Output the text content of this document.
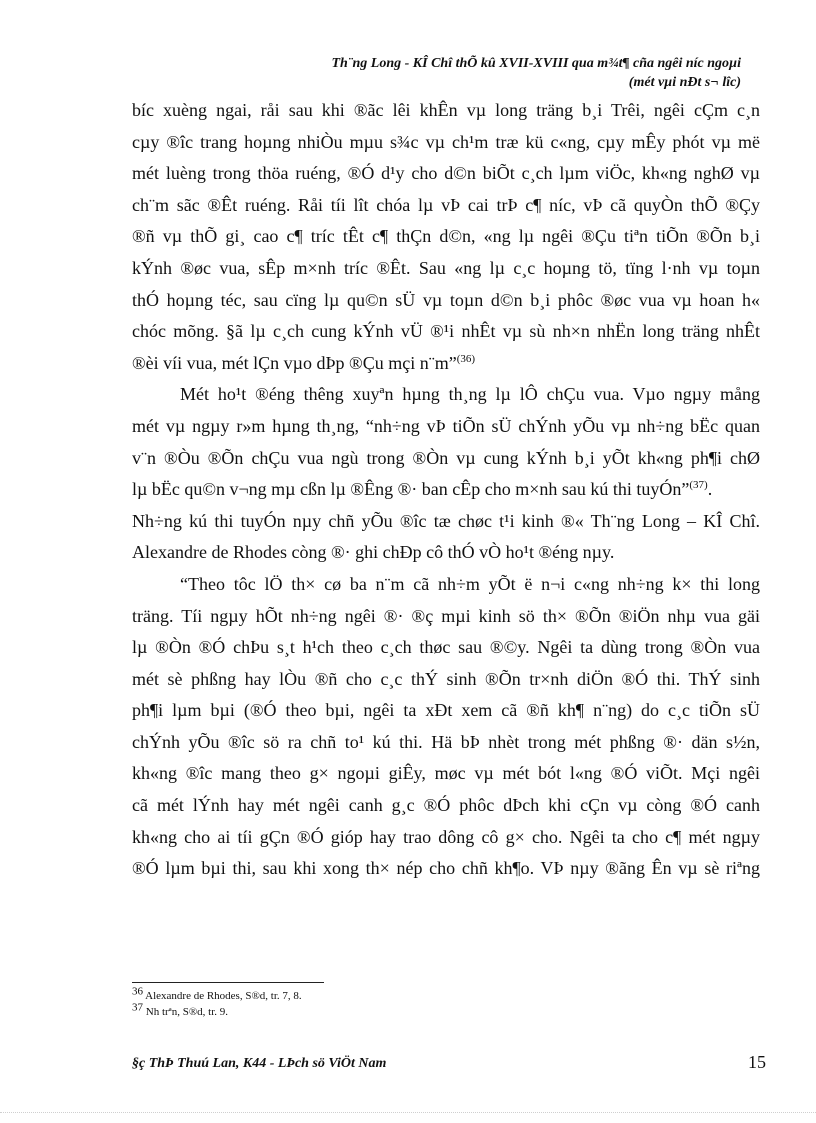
Th¨ng Long - KÎ Chî thÕ kû XVII-XVIII qua m¾t¶ cña ngêi níc ngoµi
(mét vµi nÐt s¬ lîc)
bíc xuèng ngai, råi sau khi ®ãc lêi khÊn vµ long träng b¸i Trêi, ngêi cÇm c¸n
cµy ®îc trang hoµng nhiÒu mµu s¾c vµ ch¹m træ kü c«ng, cµy mÊy phót vµ më
mét luèng trong thöa ruéng, ®Ó d¹y cho d©n biÕt c¸ch lµm viÖc, kh«ng nghØ vµ
ch¨m sãc ®Êt ruéng. Råi tíi lît chóa lµ vÞ cai trÞ c¶ níc, vÞ cã quyÒn thÕ ®Çy
®ñ vµ thÕ gi¸ cao c¶ tríc tÊt c¶ thÇn d©n, «ng lµ ngêi ®Çu tiªn tiÕn ®Õn b¸i
kÝnh ®øc vua, sÊp m×nh tríc ®Êt. Sau «ng lµ c¸c hoµng tö, tïng l·nh vµ toµn
thÓ hoµng téc, sau cïng lµ qu©n sÜ vµ toµn d©n b¸i phôc ®øc vua vµ hoan h«
chóc mõng. §ã lµ c¸ch cung kÝnh vÜ ®¹i nhÊt vµ sù nh×n nhËn long träng nhÊt
®èi víi vua, mét lÇn vµo dÞp ®Çu mçi n¨m”$^{(36)}$
Mét ho¹t ®éng thêng xuyªn hµng th¸ng lµ lÔ chÇu vua. Vµo ngµy mång
mét vµ ngµy r»m hµng th¸ng, “nh÷ng vÞ tiÕn sÜ chÝnh yÕu vµ nh÷ng bËc quan
v¨n ®Òu ®Õn chÇu vua ngù trong ®Òn vµ cung kÝnh b¸i yÕt kh«ng ph¶i chØ
lµ bËc qu©n v¬ng mµ cßn lµ ®Êng ®· ban cÊp cho m×nh sau kú thi tuyÓn”$^{(37)}$.
Nh÷ng kú thi tuyÓn nµy chñ yÕu ®îc tæ chøc t¹i kinh ®« Th¨ng Long – KÎ Chî.
Alexandre de Rhodes còng ®· ghi chÐp cô thÓ vÒ ho¹t ®éng nµy.
“Theo tôc lÖ th× cø ba n¨m cã nh÷m yÕt ë n¬i c«ng nh÷ng k× thi long
träng. Tíi ngµy hÕt nh÷ng ngêi ®· ®ç mµi kinh sö th× ®Õn ®iÖn nhµ vua gäi
lµ ®Òn ®Ó chÞu s¸t h¹ch theo c¸ch thøc sau ®©y. Ngêi ta dùng trong ®Òn vua
mét sè phßng hay lÒu ®ñ cho c¸c thÝ sinh ®Õn tr×nh diÖn ®Ó thi. ThÝ sinh
ph¶i lµm bµi (®Ó theo bµi, ngêi ta xÐt xem cã ®ñ kh¶ n¨ng) do c¸c tiÕn sÜ
chÝnh yÕu ®îc sö ra chñ to¹ kú thi. Hä bÞ nhèt trong mét phßng ®· dän s½n,
kh«ng ®îc mang theo g× ngoµi giÊy, møc vµ mét bót l«ng ®Ó viÕt. Mçi ngêi
cã mét lÝnh hay mét ngêi canh g¸c ®Ó phôc dÞch khi cÇn vµ còng ®Ó canh
kh«ng cho ai tíi gÇn ®Ó gióp hay trao dông cô g× cho. Ngêi ta cho c¶ mét ngµy
®Ó lµm bµi thi, sau khi xong th× nép cho chñ kh¶o. VÞ nµy ®ãng Ên vµ sè riªng
$^{36}$ Alexandre de Rhodes, S®d, tr. 7, 8.
$^{37}$ Nh trªn, S®d, tr. 9.
§ç ThÞ Thuú Lan, K44 - LÞch sö ViÖt Nam	15
